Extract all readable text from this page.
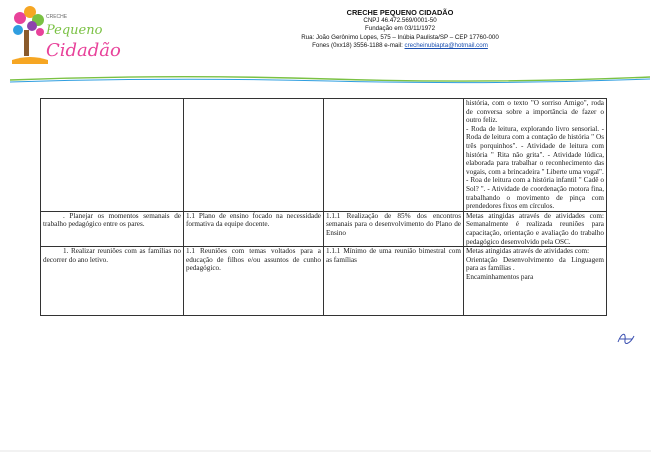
CRECHE
Pequeno
Cidadão
CRECHE PEQUENO CIDADÃO
CNPJ 46.472.569/0001-50
Fundação em 03/11/1972
Rua: João Gerônimo Lopes, 575 – Inúbia Paulista/SP – CEP 17760-000
Fones (0xx18) 3556-1188 e-mail: crecheinubiapta@hotmail.com

			história, com o texto "O sorriso Amigo", roda de conversa sobre a importância de fazer o outro feliz.
- Roda de leitura, explorando livro sensorial. - Roda de leitura com a contação de história " Os três porquinhos". - Atividade de leitura com história " Rita não grita". - Atividade lúdica, elaborada para trabalhar o reconhecimento das vogais, com a brincadeira " Liberte uma vogal".
- Roa de leitura com a história infantil " Cadê o Sol? ". - Atividade de coordenação motora fina, trabalhando o movimento de pinça com prendedores fixos em círculos.

. Planejar os momentos semanais de trabalho pedagógico entre os pares.	1.1 Plano de ensino focado na necessidade formativa da equipe docente.	1.1.1 Realização de 85% dos encontros semanais para o desenvolvimento do Plano de Ensino	Metas atingidas através de atividades com: Semanalmente é realizada reuniões para capacitação, orientação e avaliação do trabalho pedagógico desenvolvido pela OSC.
1. Realizar reuniões com as famílias no decorrer do ano letivo.	1.1 Reuniões com temas voltados para a educação de filhos e/ou assuntos de cunho pedagógico.	1.1.1 Mínimo de uma reunião bimestral com as famílias	Metas atingidas através de atividades com:
Orientação Desenvolvimento da Linguagem para as famílias .
Encaminhamentos para
